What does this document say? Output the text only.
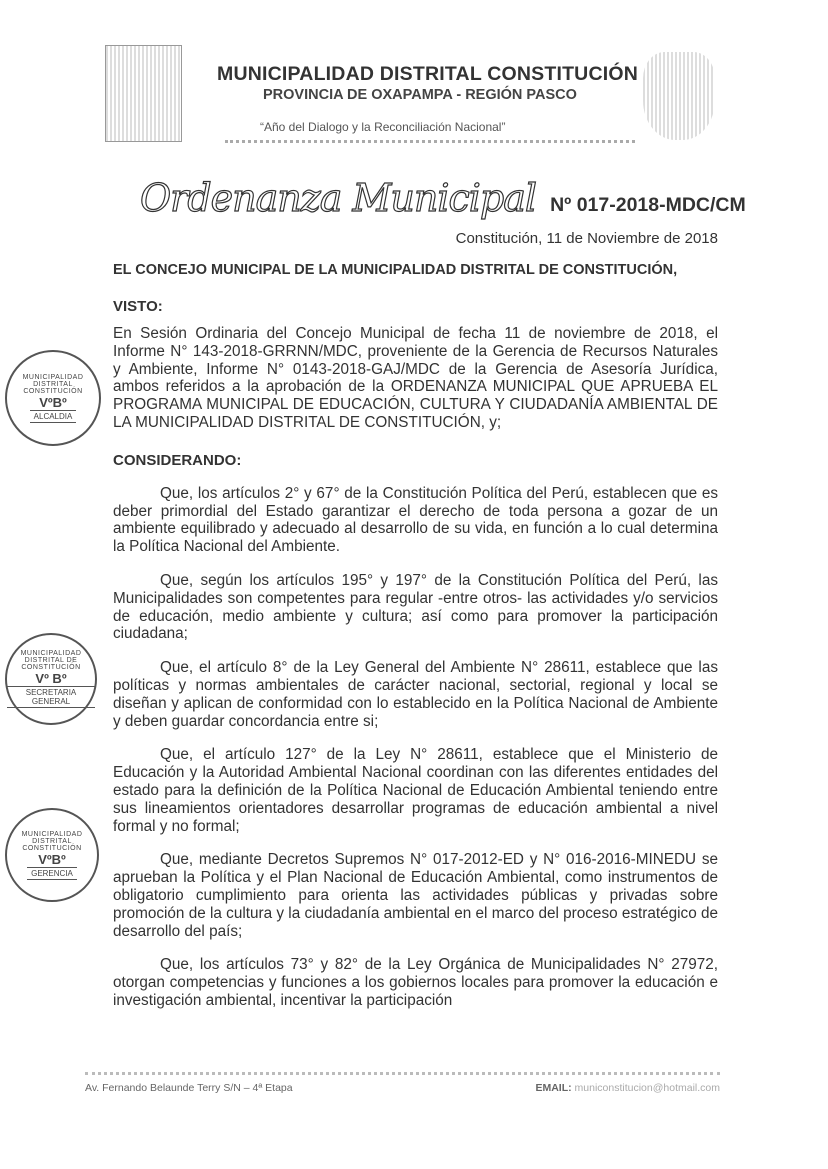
MUNICIPALIDAD DISTRITAL CONSTITUCIÓN
PROVINCIA DE OXAPAMPA - REGIÓN PASCO
“Año del Dialogo y la Reconciliación Nacional”
Ordenanza Municipal Nº 017-2018-MDC/CM
Constitución, 11 de Noviembre de 2018

EL CONCEJO MUNICIPAL DE LA MUNICIPALIDAD DISTRITAL DE CONSTITUCIÓN,

VISTO:

En Sesión Ordinaria del Concejo Municipal de fecha 11 de noviembre de 2018, el Informe N° 143-2018-GRRNN/MDC, proveniente de la Gerencia de Recursos Naturales y Ambiente, Informe N° 0143-2018-GAJ/MDC de la Gerencia de Asesoría Jurídica, ambos referidos a la aprobación de la ORDENANZA MUNICIPAL QUE APRUEBA EL PROGRAMA MUNICIPAL DE EDUCACIÓN, CULTURA Y CIUDADANÍA AMBIENTAL DE LA MUNICIPALIDAD DISTRITAL DE CONSTITUCIÓN, y;

CONSIDERANDO:

Que, los artículos 2° y 67° de la Constitución Política del Perú, establecen que es deber primordial del Estado garantizar el derecho de toda persona a gozar de un ambiente equilibrado y adecuado al desarrollo de su vida, en función a lo cual determina la Política Nacional del Ambiente.

Que, según los artículos 195° y 197° de la Constitución Política del Perú, las Municipalidades son competentes para regular -entre otros- las actividades y/o servicios de educación, medio ambiente y cultura; así como para promover la participación ciudadana;

Que, el artículo 8° de la Ley General del Ambiente N° 28611, establece que las políticas y normas ambientales de carácter nacional, sectorial, regional y local se diseñan y aplican de conformidad con lo establecido en la Política Nacional de Ambiente y deben guardar concordancia entre si;

Que, el artículo 127° de la Ley N° 28611, establece que el Ministerio de Educación y la Autoridad Ambiental Nacional coordinan con las diferentes entidades del estado para la definición de la Política Nacional de Educación Ambiental teniendo entre sus lineamientos orientadores desarrollar programas de educación ambiental a nivel formal y no formal;

Que, mediante Decretos Supremos N° 017-2012-ED y N° 016-2016-MINEDU se aprueban la Política y el Plan Nacional de Educación Ambiental, como instrumentos de obligatorio cumplimiento para orienta las actividades públicas y privadas sobre promoción de la cultura y la ciudadanía ambiental en el marco del proceso estratégico de desarrollo del país;

Que, los artículos 73° y 82° de la Ley Orgánica de Municipalidades N° 27972, otorgan competencias y funciones a los gobiernos locales para promover la educación e investigación ambiental, incentivar la participación

MUNICIPALIDAD DISTRITAL CONSTITUCIÓN
VºBº
ALCALDIA
MUNICIPALIDAD DISTRITAL DE CONSTITUCIÓN
Vº Bº
SECRETARIA GENERAL
MUNICIPALIDAD DISTRITAL CONSTITUCIÓN
VºBº
GERENCIA
Av. Fernando Belaunde Terry S/N – 4ª Etapa	EMAIL: municonstitucion@hotmail.com
